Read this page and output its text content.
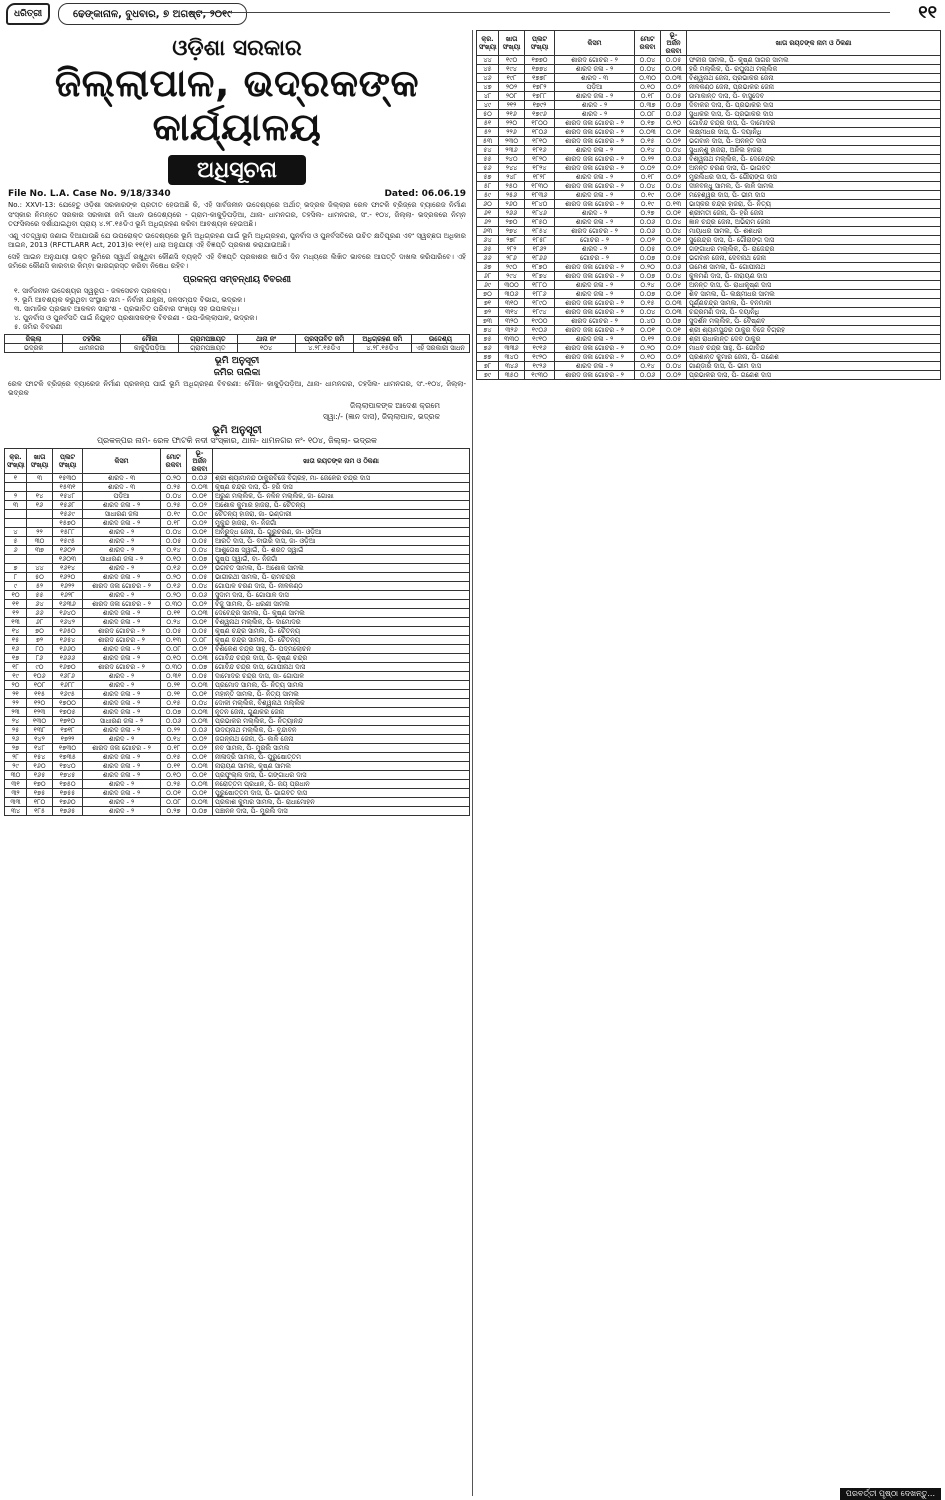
ଧରିତ୍ରୀ	ଢେଙ୍କାନାଳ, ବୁଧବାର, ୭ ଅଗଷ୍ଟ, ୨୦୧୯	୧୧
ଓଡ଼ିଶା ସରକାର
ଜିଲ୍ଲାପାଳ, ଭଦ୍ରକଙ୍କ କାର୍ଯ୍ୟାଳୟ
ଅଧିସୂଚନା
File No. L.A. Case No. 9/18/3340	Dated: 06.06.19
No.: XXVI-13: ଯେହେତୁ ଓଡ଼ିଶା ସରକାରଙ୍କ ପ୍ରତୀତ ହେଉଅଛି କି, ଏହି ସାର୍ବଜନୀନ ଉଦ୍ଦେଶ୍ୟରେ ଅର୍ଥାତ୍ ଭଦ୍ରକ ଜିଲ୍ଲାର ରେଳ ଫାଟକି ବ୍ରିଜ୍‌ରେ ବ୍ୟାରେଜ ନିର୍ମାଣ ସଂସ୍କାର ନିମନ୍ତେ ସରକାର ସରକାରୀ ଜମି ସାଧନ ଉଦ୍ଦେଶ୍ୟରେ - ଗ୍ରାମ-କାକୁଡ଼ିପଡ଼ିଆ, ଥାନା- ଧାମନଗର, ତହସିଲ- ଧାମନଗର, ସଂ.- ୧୦୪, ଜିଲ୍ଲା- ଭଦ୍ରକରେ ନିମ୍ନ ତଫସିଲରେ ଦର୍ଶାଯାଇଥିବା ପ୍ରାୟ ୪.୨୮.୧୫ଡିଏ ଭୂମି ଅଧିଗ୍ରହଣ କରିବା ଆବଶ୍ୟକ ହେଉଅଛି।
ଏଣୁ ଏତଦ୍ଦ୍ୱାରା ଜଣାଇ ଦିଆଯାଉଛି ଯେ ଉପରୋକ୍ତ ଉଦ୍ଦେଶ୍ୟରେ ଭୂମି ଅଧିଗ୍ରହଣ ପାଇଁ ଭୂମି ଅଧିଗ୍ରହଣ, ପୁନର୍ବାସ ଓ ପୁନର୍ବସତିରେ ଉଚିତ କ୍ଷତିପୂରଣ ଏବଂ ସ୍ୱଚ୍ଛତା ଅଧିକାର ଆଇନ, 2013 (RFCTLARR Act, 2013)ର ୧୧(୧) ଧାରା ଅନୁଯାୟୀ ଏହି ବିଜ୍ଞପ୍ତି ପ୍ରକାଶ କରାଯାଉଅଛି।
ସେହି ଆଇନ ଅନୁଯାୟୀ ଉକ୍ତ ଭୂମିରେ ସ୍ୱାର୍ଥ ରଖୁଥିବା କୌଣସି ବ୍ୟକ୍ତି ଏହି ବିଜ୍ଞପ୍ତି ପ୍ରକାଶର ଷାଠିଏ ଦିନ ମଧ୍ୟରେ ଲିଖିତ ଭାବରେ ଆପତ୍ତି ଦାଖଲ କରିପାରିବେ। ଏହି ଜମିରେ କୌଣସି କାରବାର କିମ୍ବା ଭାରଗ୍ରସ୍ତ କରିବା ନିଷେଧ ରହିବ।
ପ୍ରକଳ୍ପ ସମ୍ବନ୍ଧୀୟ ବିବରଣୀ
୧. ସାର୍ବଜନୀନ ଉଦ୍ଦେଶ୍ୟର ସ୍ୱରୂପ - ଜଳସେଚନ ପ୍ରକଳ୍ପ।
୨. ଭୂମି ଆବଶ୍ୟକ କରୁଥିବା ସଂସ୍ଥାର ନାମ - ନିର୍ବାହୀ ଯନ୍ତ୍ରୀ, ଜଳସମ୍ପଦ ବିଭାଗ, ଭଦ୍ରକ।
୩. ସାମାଜିକ ପ୍ରଭାବ ଆକଳନ ସାରାଂଶ - ପ୍ରଭାବିତ ପରିବାର ସଂଖ୍ୟା ସହ ଉପଲବ୍ଧ।
୪. ପୁନର୍ବାସ ଓ ପୁନର୍ବସତି ପାଇଁ ନିଯୁକ୍ତ ପ୍ରଶାସକଙ୍କ ବିବରଣୀ - ଉପ-ଜିଲ୍ଲାପାଳ, ଭଦ୍ରକ।
୫. ଜମିର ବିବରଣୀ
ଜିଲ୍ଲା	ତହସିଲ	ମୌଜା	ଗ୍ରାମପଞ୍ଚାୟତ	ଥାନା ନଂ	ପ୍ରସ୍ତାବିତ ଜମି	ଅଧିଗ୍ରହଣ ଜମି	ଉଦ୍ଦେଶ୍ୟ
ଭଦ୍ରକ	ଧାମନଗର	କାକୁଡ଼ିପଡ଼ିଆ	ଗ୍ରାମପଞ୍ଚାୟତ	୧୦୪	୪.୨୮.୧୫ଡିଏ	୪.୨୮.୧୫ଡିଏ	ଏହି ସରକାରୀ ସାଧନ
ଭୂମି ଅନୁସୂଚୀ
ଜମିର ତାଲିକା
ରେଳ ଫାଟକି ବ୍ରିଜ୍‌ରେ ବ୍ୟାରେଜ ନିର୍ମାଣ ପ୍ରକଳ୍ପ ପାଇଁ ଭୂମି ଅଧିଗ୍ରହଣ ବିବରଣୀ: ମୌଜା- କାକୁଡ଼ିପଡ଼ିଆ, ଥାନା- ଧାମନଗର, ତହସିଲ- ଧାମନଗର, ସଂ.-୧୦୪, ଜିଲ୍ଲା- ଭଦ୍ରକ
ଜିଲ୍ଲାପାଳଙ୍କ ଆଦେଶ କ୍ରମେ
ସ୍ୱା:/- (ଜ୍ଞାନ ଦାସ), ଜିଲ୍ଲାପାଳ, ଭଦ୍ରକ
ଭୂମି ଅନୁସୂଚୀ
ପ୍ରକଳ୍ପର ନାମ- ରେଳ ଫାଟକି ନଦୀ ସଂସ୍କାର, ଥାନା- ଧାମନଗର ନଂ- ୧୦୪, ଜିଲ୍ଲା- ଭଦ୍ରକ
କ୍ର. ସଂଖ୍ୟା	ଖାତା ସଂଖ୍ୟା	ପ୍ଲଟ ସଂଖ୍ୟା	କିସମ	ମୋଟ ରକବା	ଭୂ-ଅର୍ଜନ ରକବା	ଖାତା ରୟତଙ୍କ ନାମ ଓ ଠିକଣା
୧	୩	୧୫୩୦	ଶାରଦ - ୩	୦.୨୦	୦.୦୬	ଶ୍ରୀ ଶ୍ୟାମାନନ୍ଦ ଠାକୁରବିଜେ ବିଗ୍ରହ, ମା- ଜେଳେର ଚନ୍ଦ୍ର ଦାସ
		୧୫୩୧	ଶାରଦ - ୩	୦.୨୫	୦.୦୩	କୃଷ୍ଣ ଚନ୍ଦ୍ର ଦାସ, ପି- ହରି ଦାସ
୨	୧୪	୧୫୪୮	ପଡ଼ିଆ	୦.୦୪	୦.୦୧	ଅରୁଣ ମଲ୍ଲିକ, ପି- ନଳିନ ମଲ୍ଲିକ, ଜା- ଗୋଖା
୩	୧୬	୧୫୬୮	ଶାରଦ ଜଳା - ୨	୦.୨୫	୦.୦୨	ଅଶୋକ କୁମାର ହାଜରା, ପି- ଚୈତନ୍ୟ
		୧୫୬୯	ସାଧାରଣ ଜଳା	୦.୧୯	୦.୦୯	ଚୈତନ୍ୟ ହାଜରା, ଜା- ଭଣ୍ଡାରୀ
		୧୫୭୦	ଶାରଦ ଜଳା - ୨	୦.୧୮	୦.୦୨	ମୁକୁନ୍ଦ ହାଜରା, ବା- ନିଜଗାଁ
୪	୨୨	୧୫୮୮	ଶାରଦ - ୨	୦.୦୪	୦.୦୧	ଅନିରୁଦ୍ଧ ଜେନା, ପି- ଗୁରୁଚରଣ, ଜା- ଓଡ଼ିଆ
୫	୩୦	୧୫୯୫	ଶାରଦ - ୨	୦.୦୫	୦.୦୫	ଆରତି ଦାସ, ପି- ବାଉରି ଦାସ, ଜା- ଓଡ଼ିଆ
୬	୩୭	୧୬୦୨	ଶାରଦ - ୨	୦.୧୪	୦.୦୪	ଆଶୁତୋଷ ସ୍ୱାଇଁ, ପି- ଶରତ ସ୍ୱାଇଁ
		୧୬୦୩	ସାଧାରଣ ଜଳା - ୨	୦.୧୦	୦.୦୭	ପୁଷ୍ପ ସ୍ୱାଇଁ, ବା- ନିଜଗାଁ
୭	୪୪	୧୬୧୪	ଶାରଦ - ୨	୦.୧୬	୦.୦୨	ଭଗବତ ସାମଲ, ପି- ଅଶୋକ ସାମଲ
୮	୫୦	୧୬୨୦	ଶାରଦ ଜଳା - ୨	୦.୨୦	୦.୦୫	ଭାଗୀରଥୀ ସାମଲ, ପି- ରାମଚନ୍ଦ୍ର
୯	୫୨	୧୬୨୨	ଶାରଦ ଜଳା ଗୋଚର - ୨	୦.୧୬	୦.୦୪	ଗୋପାଳ ଚରଣ ଦାସ, ପି- ନୀଳକଣ୍ଠ
୧୦	୫୫	୧୬୨୮	ଶାରଦ - ୨	୦.୨୦	୦.୦୬	ସୁଦାମ ଦାସ, ପି- ଗୋପାଳ ଦାସ
୧୧	୬୪	୧୬୩୬	ଶାରଦ ଜଳା ଗୋଚର - ୨	୦.୩୦	୦.୦୨	ବିଜୁ ସାମଲ, ପି- ଧରଣୀ ସାମଲ
୧୨	୬୬	୧୬୪୦	ଶାରଦ ଜଳା - ୨	୦.୧୧	୦.୦୩	ଦେବେନ୍ଦ୍ର ସାମଲ, ପି- କୃଷ୍ଣ ସାମଲ
୧୩	୬୮	୧୬୪୨	ଶାରଦ ଜଳା - ୨	୦.୨୪	୦.୦୧	ବିଶ୍ୱନାଥ ମଲ୍ଲିକ, ପି- ଦାମୋଦର
୧୪	୭୦	୧୬୫୦	ଶାରଦ ଗୋଚର - ୨	୦.୦୫	୦.୦୫	କୃଷ୍ଣ ଚନ୍ଦ୍ର ସାମଲ, ପି- ଚୈତନ୍ୟ
୧୫	୭୨	୧୬୫୪	ଶାରଦ ଗୋଚର - ୨	୦.୧୩	୦.୦୮	କୃଷ୍ଣ ଚନ୍ଦ୍ର ସାମଲ, ପି- ଚୈତନ୍ୟ
୧୬	୮୦	୧୬୬୦	ଶାରଦ ଜଳା - ୨	୦.୦୮	୦.୦୨	ବିଶିକେଶ ଚନ୍ଦ୍ର ସାହୁ, ପି- ପଦ୍ମଲୋଚନ
୧୭	୮୬	୧୬୬୬	ଶାରଦ ଜଳା - ୨	୦.୧୦	୦.୦୩	ଗୋବିନ୍ଦ ଚନ୍ଦ୍ର ଦାସ, ପି- କୃଷ୍ଣ ଚନ୍ଦ୍ର
୧୮	୯୦	୧୬୭୦	ଶାରଦ ଗୋଚର - ୨	୦.୩୦	୦.୦୭	ଗୋବିନ୍ଦ ଚନ୍ଦ୍ର ଦାସ, ଗୋପୀନାଥ ଦାସ
୧୯	୧୦୬	୧୬୮୬	ଶାରଦ - ୨	୦.୩୧	୦.୦୫	ଦାମୋଦର ଚନ୍ଦ୍ର ଦାସ, ଜା- ଗୋପାଳ
୨୦	୧୦୮	୧୬୮୮	ଶାରଦ - ୨	୦.୨୧	୦.୦୩	ପ୍ରମୋଦ ସାମଲ, ପି- ନିତ୍ୟ ସାମଲ
୨୧	୧୧୫	୧୬୯୫	ଶାରଦ ଜଳା - ୨	୦.୨୧	୦.୦୧	ମହାନ୍ତି ସାମଲ, ପି- ନିତ୍ୟ ସାମଲ
୨୨	୧୨୦	୧୭୦୦	ଶାରଦ ଜଳା - ୨	୦.୧୫	୦.୦୪	ଦୋଳୀ ମଲ୍ଲିକ, ବିଶ୍ୱନାଥ ମଲ୍ଲିକ
୨୩	୧୨୩	୧୭୦୫	ଶାରଦ ଜଳା - ୨	୦.୦୭	୦.୦୩	ନୂତନ ଜେନା, ଗୁଣାକର ଜେନା
୨୪	୧୩୦	୧୭୧୦	ସାଧାରଣ ଜଳା - ୨	୦.୦୬	୦.୦୩	ପ୍ରଭାକର ମଲ୍ଲିକ, ପି- ନିତ୍ୟାନନ୍ଦ
୨୫	୧୩୮	୧୭୧୮	ଶାରଦ ଜଳା - ୨	୦.୨୨	୦.୦୬	ଉଦୟନାଥ ମଲ୍ଲିକ, ପି- ବୃନ୍ଦାବନ
୨୬	୧୪୨	୧୭୨୨	ଶାରଦ - ୨	୦.୧୪	୦.୦୨	ଜଗନ୍ନାଥ ଜେନା, ପି- କାଳି ଜେନା
୨୭	୧୪୮	୧୭୩୦	ଶାରଦ ଜଳା ଗୋଚର - ୨	୦.୧୮	୦.୦୨	ନବ ସାମଲ, ପି- ମୁରଲି ସାମଲ
୨୮	୧୫୪	୧୭୩୫	ଶାରଦ ଜଳା - ୨	୦.୧୫	୦.୦୧	ନୀଳାଦ୍ରି ସାମଲ, ପି- ପୁରୁଷୋତ୍ତମ
୨୯	୧୬୦	୧୭୪୦	ଶାରଦ ଜଳା - ୨	୦.୧୧	୦.୦୩	ନାରାୟଣ ସାମଲ, କୃଷ୍ଣ ସାମଲ
୩୦	୧୬୫	୧୭୪୫	ଶାରଦ ଜଳା - ୨	୦.୧୦	୦.୦୧	ପ୍ରଫୁଲ୍ଲ ଦାସ, ପି- ଗଙ୍ଗାଧର ଦାସ
୩୧	୧୭୦	୧୭୫୦	ଶାରଦ - ୨	୦.୨୫	୦.୦୩	ନରୋତ୍ତମ ପ୍ରଧାନ, ପି- ଜୟ ପ୍ରଧାନ
୩୨	୧୭୫	୧୭୫୫	ଶାରଦ ଜଳା - ୨	୦.୦୧	୦.୦୧	ପୁରୁଷୋତ୍ତମ ଦାସ, ପି- ଭାଗବତ ଦାସ
୩୩	୧୮୦	୧୭୬୦	ଶାରଦ - ୨	୦.୦୮	୦.୦୩	ପ୍ରକାଶ କୁମାର ସାମଲ, ପି- ରାଧାମୋହନ
୩୪	୧୮୫	୧୭୬୫	ଶାରଦ - ୨	୦.୨୭	୦.୦୭	ପଞ୍ଚାନନ ଦାସ, ପି- ମୁରଲି ଦାସ
କ୍ର. ସଂଖ୍ୟା	ଖାତା ସଂଖ୍ୟା	ପ୍ଲଟ ସଂଖ୍ୟା	କିସମ	ମୋଟ ରକବା	ଭୂ-ଅର୍ଜନ ରକବା	ଖାତା ରୟତଙ୍କ ନାମ ଓ ଠିକଣା
୪୪	୧୯୦	୧୭୭୦	ଶାରଦ ଗୋଚର - ୨	୦.୦୪	୦.୦୫	ଫକୀର ସାମଲ, ପି- କୃଷ୍ଣ ସାଗର ସାମଲ
୪୫	୧୯୪	୧୭୭୪	ଶାରଦ ଜଳା - ୨	୦.୦୪	୦.୦୩	ହରି ମଲ୍ଲିକ, ପି- ରଘୁନାଥ ମଲ୍ଲିକ
୪୬	୧୯୮	୧୭୭୮	ଶାରଦ - ୩	୦.୩୦	୦.୦୩	ବିଶ୍ୱନାଥ ଜେନା, ପ୍ରଭାକର ଜେନା
୪୭	୨୦୨	୧୭୮୨	ପଡ଼ିଆ	୦.୧୦	୦.୦୨	ନୀଳକଣ୍ଠ ଜେନା, ପ୍ରଭାକର ଜେନା
୪୮	୨୦୮	୧୭୮୮	ଶାରଦ ଜଳା - ୨	୦.୧୮	୦.୦୫	ଉମାକାନ୍ତ ଦାସ, ପି- ବାସୁଦେବ
୪୯	୨୧୨	୧୭୯୨	ଶାରଦ - ୨	୦.୩୭	୦.୦୭	ଦିବାକର ଦାସ, ପି- ପ୍ରଭାକର ଦାସ
୫୦	୨୧୬	୧୭୯୬	ଶାରଦ - ୨	୦.୦୮	୦.୦୬	ସୁଧାକର ଦାସ, ପି- ପ୍ରଭାକର ଦାସ
୫୧	୨୨୦	୧୮୦୦	ଶାରଦ ଜଳା ଗୋଚର - ୨	୦.୧୭	୦.୧୦	ଗୋବିନ୍ଦ ଚନ୍ଦ୍ର ଦାସ, ପି- ଦାମୋଦର
୫୨	୨୨୬	୧୮୦୬	ଶାରଦ ଜଳା ଗୋଚର - ୨	୦.୦୩	୦.୦୧	ଲକ୍ଷ୍ମୀଧର ଦାସ, ପି- ଦୟାନିଧି
୫୩	୨୩୦	୧୮୧୦	ଶାରଦ ଜଳା ଗୋଚର - ୨	୦.୧୫	୦.୦୨	ଭଗବାନ ଦାସ, ପି- ଅନନ୍ତ ଦାସ
୫୪	୨୩୬	୧୮୧୬	ଶାରଦ ଜଳା - ୨	୦.୧୪	୦.୦୪	ସୁଧାନ୍ଶୁ ହାଜରା, ଅନିଲ ହାଜରା
୫୫	୨୪୦	୧୮୨୦	ଶାରଦ ଜଳା ଗୋଚର - ୨	୦.୨୨	୦.୦୬	ବିଶ୍ୱନାଥ ମଲ୍ଲିକ, ପି- ଦେବେନ୍ଦ୍ର
୫୬	୨୪୪	୧୮୨୪	ଶାରଦ ଜଳା ଗୋଚର - ୨	୦.୦୨	୦.୦୨	ଅନନ୍ତ ଚରଣ ଦାସ, ପି- ଭାଗବତ
୫୭	୨୪୮	୧୮୨୮	ଶାରଦ ଜଳା - ୨	୦.୧୮	୦.୦୨	ମୁରଲିଧର ଦାସ, ପି- ଗୌରାଙ୍ଗ ଦାସ
୫୮	୨୫୦	୧୮୩୦	ଶାରଦ ଜଳା ଗୋଚର - ୨	୦.୦୪	୦.୦୪	ଦୀନବନ୍ଧୁ ସାମଲ, ପି- କାଳି ସାମଲ
୫୯	୨୫୬	୧୮୩୬	ଶାରଦ ଜଳା - ୨	୦.୧୯	୦.୦୧	ମହେଶ୍ୱର ଦାସ, ପି- ଭୀମ ଦାସ
୬୦	୨୬୦	୧୮୪୦	ଶାରଦ ଜଳା ଗୋଚର - ୨	୦.୧୯	୦.୧୩	ଭାସ୍କର ଚନ୍ଦ୍ର ହାଜରା, ପି- ନିତ୍ୟ
୬୧	୨୬୬	୧୮୪୬	ଶାରଦ - ୨	୦.୨୭	୦.୦୧	ଶ୍ରୀମତୀ ଜେନା, ପି- ହରି ଜେନା
୬୨	୨୭୦	୧୮୫୦	ଶାରଦ ଜଳା - ୨	୦.୦୬	୦.୦୪	ଜ୍ଞାନ ଚନ୍ଦ୍ର ଜେନା, ଅଭିରାମ ଜେନା
୬୩	୨୭୪	୧୮୫୪	ଶାରଦ ଗୋଚର - ୨	୦.୦୬	୦.୦୪	ମାୟାଧର ସାମଲ, ପି- ଶଶଧର
୬୪	୨୭୮	୧୮୫୮	ଗୋଚର - ୨	୦.୦୨	୦.୦୧	ସୁରେନ୍ଦ୍ର ଦାସ, ପି- ଗୌରାଙ୍ଗ ଦାସ
୬୫	୨୮୨	୧୮୬୨	ଶାରଦ - ୨	୦.୦୫	୦.୦୨	ଗଙ୍ଗାଧର ମଲ୍ଲିକ, ପି- ରାଜେନ୍ଦ୍ର
୬୬	୨୮୬	୧୮୬୬	ଗୋଚର - ୨	୦.୦୭	୦.୦୫	ଭଗବାନ ଜେନା, ଦେବନାଥ ଜେନା
୬୭	୨୯୦	୧୮୭୦	ଶାରଦ ଜଳା ଗୋଚର - ୨	୦.୨୦	୦.୦୬	ଉମେଶ ସାମଲ, ପି- ଗୋପୀନାଥ
୬୮	୨୯୪	୧୮୭୪	ଶାରଦ ଜଳା ଗୋଚର - ୨	୦.୦୭	୦.୦୪	କୁଳମଣି ଦାସ, ପି- ନାରାୟଣ ଦାସ
୬୯	୩୦୦	୧୮୮୦	ଶାରଦ ଜଳା - ୨	୦.୨୪	୦.୦୧	ଅନନ୍ତ ଦାସ, ପି- ରାଧାକୃଷ୍ଣ ଦାସ
୭୦	୩୦୬	୧୮୮୬	ଶାରଦ ଜଳା - ୨	୦.୦୭	୦.୦୧	ଶିବ ସାମଲ, ପି- ଲକ୍ଷ୍ମୀଧର ସାମଲ
୭୧	୩୧୦	୧୮୯୦	ଶାରଦ ଜଳା ଗୋଚର - ୨	୦.୧୫	୦.୦୩	ପୂର୍ଣ୍ଣଚନ୍ଦ୍ର ସାମଲ, ପି- ବନମାଳୀ
୭୨	୩୧୪	୧୮୯୪	ଶାରଦ ଜଳା ଗୋଚର - ୨	୦.୦୪	୦.୦୩	ଚନ୍ଦ୍ରମଣି ଦାସ, ପି- ଦୟାନିଧି
୭୩	୩୨୦	୧୯୦୦	ଶାରଦ ଗୋଚର - ୨	୦.୪୦	୦.୦୭	ସୁଦର୍ଶନ ମଲ୍ଲିକ, ପି- ବୈଷ୍ଣବ
୭୪	୩୨୬	୧୯୦୬	ଶାରଦ ଜଳା ଗୋଚର - ୨	୦.୦୧	୦.୦୧	ଶ୍ରୀ ଶ୍ୟାମସୁନ୍ଦର ଠାକୁର ବିଜେ ବିଗ୍ରହ
୭୫	୩୩୦	୧୯୧୦	ଶାରଦ ଜଳା - ୨	୦.୧୨	୦.୦୫	ଶ୍ରୀ ରାଧାକାନ୍ତ ଦେବ ଠାକୁର
୭୬	୩୩୬	୧୯୧୬	ଶାରଦ ଜଳା ଗୋଚର - ୨	୦.୨୦	୦.୦୨	ମାଧବ ଚନ୍ଦ୍ର ସାହୁ, ପି- ଗୋବିନ୍ଦ
୭୭	୩୪୦	୧୯୨୦	ଶାରଦ ଜଳା ଗୋଚର - ୨	୦.୧୦	୦.୦୨	ପ୍ରଶାନ୍ତ କୁମାର ଜେନା, ପି- ଗଣେଶ
୭୮	୩୪୬	୧୯୨୬	ଶାରଦ ଜଳା - ୨	୦.୧୪	୦.୦୪	ଗାଣ୍ଡାରି ଦାସ, ପି- ଭୀମ ଦାସ
୭୯	୩୫୦	୧୯୩୦	ଶାରଦ ଜଳା ଗୋଚର - ୨	୦.୦୬	୦.୦୨	ପ୍ରଭାକର ଦାସ, ପି- ଗଣେଶ ଦାସ
ପରବର୍ତ୍ତୀ ପୃଷ୍ଠା ଦେଖନ୍ତୁ...
